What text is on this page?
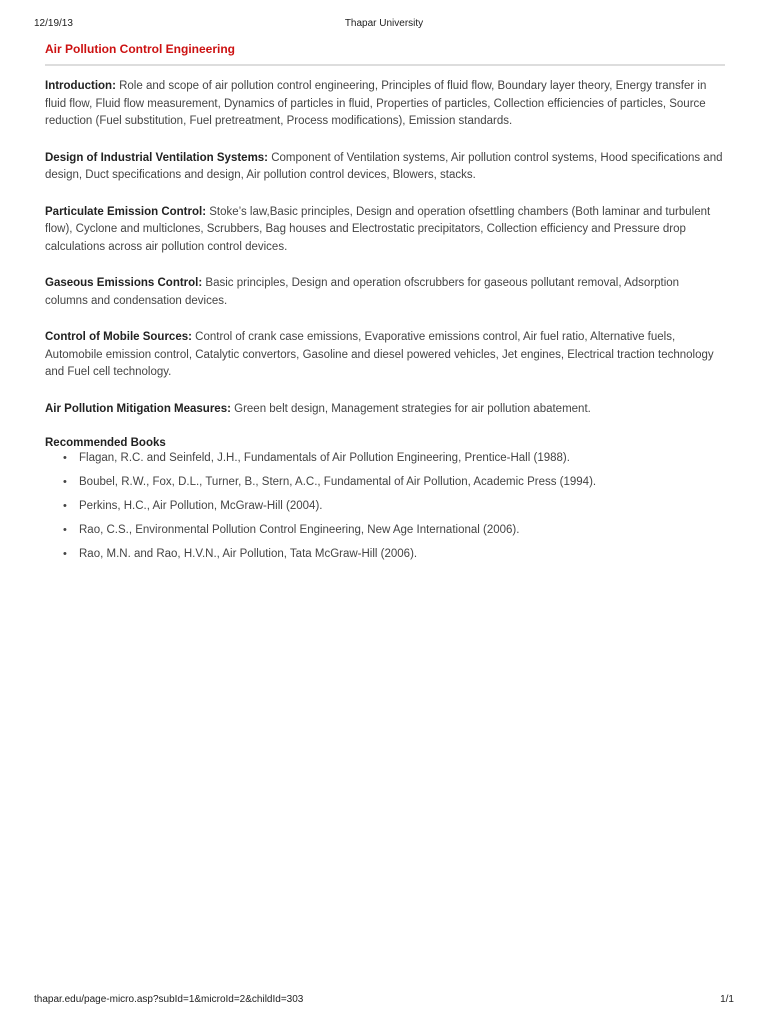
12/19/13	Thapar University
Air Pollution Control Engineering

Introduction: Role and scope of air pollution control engineering, Principles of fluid flow, Boundary layer theory, Energy transfer in fluid flow, Fluid flow measurement, Dynamics of particles in fluid, Properties of particles, Collection efficiencies of particles, Source reduction (Fuel substitution, Fuel pretreatment, Process modifications), Emission standards.

Design of Industrial Ventilation Systems: Component of Ventilation systems, Air pollution control systems, Hood specifications and design, Duct specifications and design, Air pollution control devices, Blowers, stacks.

Particulate Emission Control: Stoke’s law,Basic principles, Design and operation ofsettling chambers (Both laminar and turbulent flow), Cyclone and multiclones, Scrubbers, Bag houses and Electrostatic precipitators, Collection efficiency and Pressure drop calculations across air pollution control devices.

Gaseous Emissions Control: Basic principles, Design and operation ofscrubbers for gaseous pollutant removal, Adsorption columns and condensation devices.

Control of Mobile Sources: Control of crank case emissions, Evaporative emissions control, Air fuel ratio, Alternative fuels, Automobile emission control, Catalytic convertors, Gasoline and diesel powered vehicles, Jet engines, Electrical traction technology and Fuel cell technology.

Air Pollution Mitigation Measures: Green belt design, Management strategies for air pollution abatement.

Recommended Books
• Flagan, R.C. and Seinfeld, J.H., Fundamentals of Air Pollution Engineering, Prentice-Hall (1988).
• Boubel, R.W., Fox, D.L., Turner, B., Stern, A.C., Fundamental of Air Pollution, Academic Press (1994).
• Perkins, H.C., Air Pollution, McGraw-Hill (2004).
• Rao, C.S., Environmental Pollution Control Engineering, New Age International (2006).
• Rao, M.N. and Rao, H.V.N., Air Pollution, Tata McGraw-Hill (2006).
thapar.edu/page-micro.asp?subId=1&microId=2&childId=303	1/1
